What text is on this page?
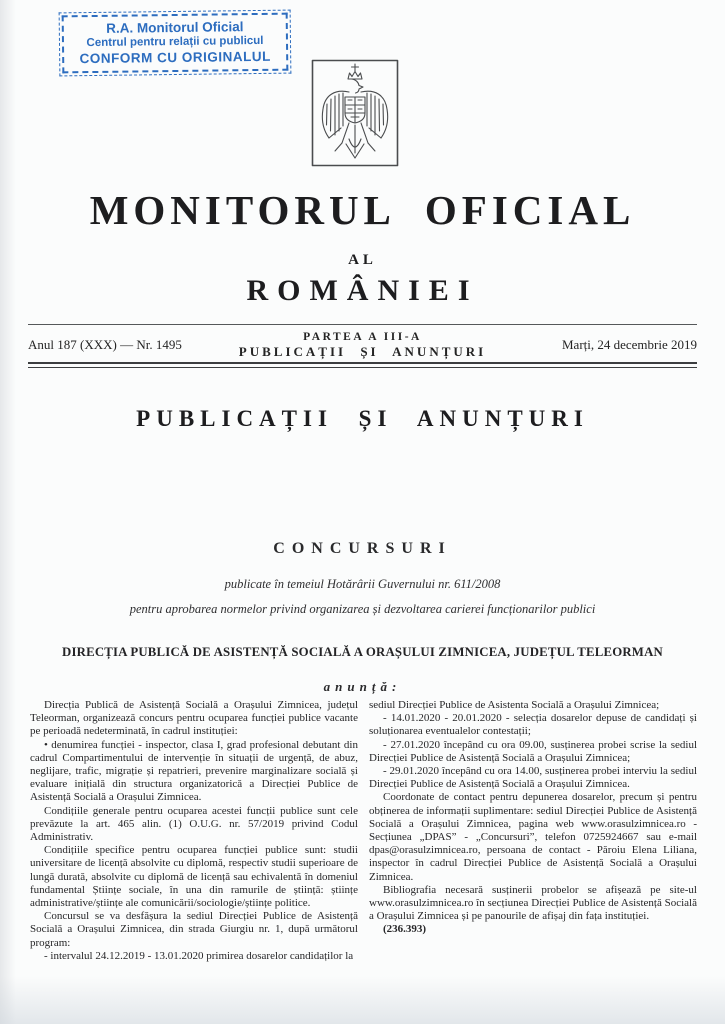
R.A. Monitorul Oficial
Centrul pentru relații cu publicul
CONFORM CU ORIGINALUL
MONITORUL OFICIAL
AL
ROMÂNIEI
Anul 187 (XXX) — Nr. 1495
PARTEA A III-A
PUBLICAȚII ȘI ANUNȚURI	Marți, 24 decembrie 2019
PUBLICAȚII ȘI ANUNȚURI
CONCURSURI
publicate în temeiul Hotărârii Guvernului nr. 611/2008
pentru aprobarea normelor privind organizarea și dezvoltarea carierei funcționarilor publici
DIRECȚIA PUBLICĂ DE ASISTENȚĂ SOCIALĂ A ORAȘULUI ZIMNICEA, JUDEȚUL TELEORMAN
anunță:

Direcția Publică de Asistență Socială a Orașului Zimnicea, județul Teleorman, organizează concurs pentru ocuparea funcției publice vacante pe perioadă nedeterminată, în cadrul instituției:

• denumirea funcției - inspector, clasa I, grad profesional debutant din cadrul Compartimentului de intervenție în situații de urgență, de abuz, neglijare, trafic, migrație și repatrieri, prevenire marginalizare socială și evaluare inițială din structura organizatorică a Direcției Publice de Asistență Socială a Orașului Zimnicea.

Condițiile generale pentru ocuparea acestei funcții publice sunt cele prevăzute la art. 465 alin. (1) O.U.G. nr. 57/2019 privind Codul Administrativ.

Condițiile specifice pentru ocuparea funcției publice sunt: studii universitare de licență absolvite cu diplomă, respectiv studii superioare de lungă durată, absolvite cu diplomă de licență sau echivalentă în domeniul fundamental Științe sociale, în una din ramurile de știință: științe administrative/științe ale comunicării/sociologie/științe politice.

Concursul se va desfășura la sediul Direcției Publice de Asistență Socială a Orașului Zimnicea, din strada Giurgiu nr. 1, după următorul program:

- intervalul 24.12.2019 - 13.01.2020 primirea dosarelor candidaților la

sediul Direcției Publice de Asistenta Socială a Orașului Zimnicea;

- 14.01.2020 - 20.01.2020 - selecția dosarelor depuse de candidați și soluționarea eventualelor contestații;

- 27.01.2020 începând cu ora 09.00, susținerea probei scrise la sediul Direcției Publice de Asistență Socială a Orașului Zimnicea;

- 29.01.2020 începând cu ora 14.00, susținerea probei interviu la sediul Direcției Publice de Asistență Socială a Orașului Zimnicea.

Coordonate de contact pentru depunerea dosarelor, precum și pentru obținerea de informații suplimentare: sediul Direcției Publice de Asistență Socială a Orașului Zimnicea, pagina web www.orasulzimnicea.ro - Secțiunea „DPAS” - „Concursuri”, telefon 0725924667 sau e-mail dpas@orasulzimnicea.ro, persoana de contact - Păroiu Elena Liliana, inspector în cadrul Direcției Publice de Asistență Socială a Orașului Zimnicea.

Bibliografia necesară susținerii probelor se afișează pe site-ul www.orasulzimnicea.ro în secțiunea Direcției Publice de Asistență Socială a Orașului Zimnicea și pe panourile de afișaj din fața instituției.

(236.393)
